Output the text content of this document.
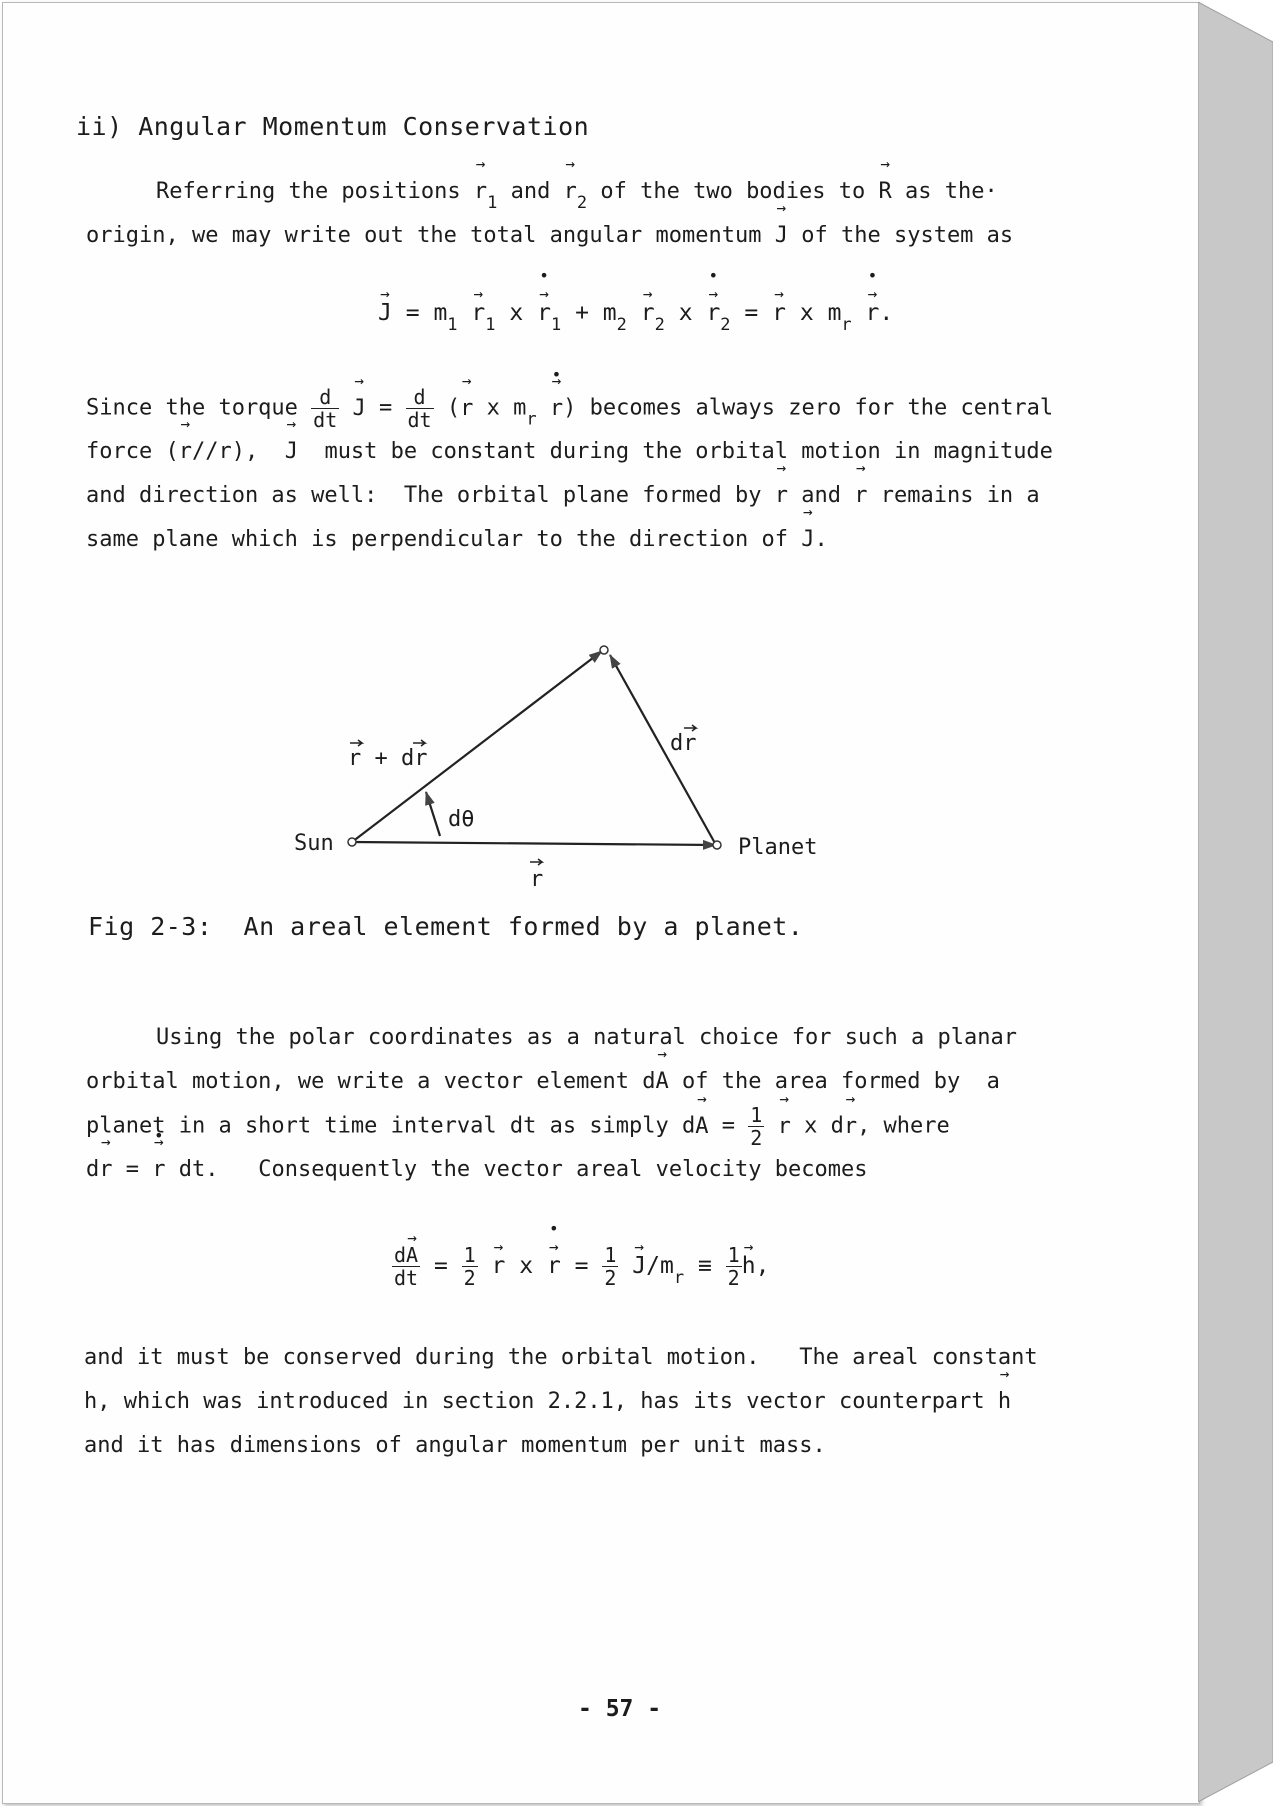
ii) Angular Momentum Conservation
Referring the positions → $r_1$ and → $r_2$ of the two bodies to → R as the·
origin, we may write out the total angular momentum → J of the system as
→ $J = m_1 \to r_1$ x → r $•_1 + m_2 \to r_2$ x → r $•_2$ = → r x $m_r \to r$ •.
Since the torque $\frac{d}{dt} \to J = \frac{d}{dt}$ (→ r x $m_r \to r$ •) becomes always zero for the central
force (→ r//r),  → J  must be constant during the orbital motion in magnitude
and direction as well:  The orbital plane formed by → r and → r remains in a
same plane which is perpendicular to the direction of → J.
r + dr
dr
dθ
Sun	Planet
r
Fig 2-3:  An areal element formed by a planet.
Using the polar coordinates as a natural choice for such a planar
orbital motion, we write a vector element d→ A of the area formed by  a
planet in a short time interval dt as simply $d\to A = \frac{1}{2} \to r$ x d→ r, where
d→ r = → r • dt.   Consequently the vector areal velocity becomes
$\frac{d\to A}{dt} = \frac{1}{2} \to r$ x → r • = $\frac{1}{2} \to J/m_r \equiv \frac{1}{2} \to h$,
and it must be conserved during the orbital motion.   The areal constant
h, which was introduced in section 2.2.1, has its vector counterpart → h
and it has dimensions of angular momentum per unit mass.
- 57 -
